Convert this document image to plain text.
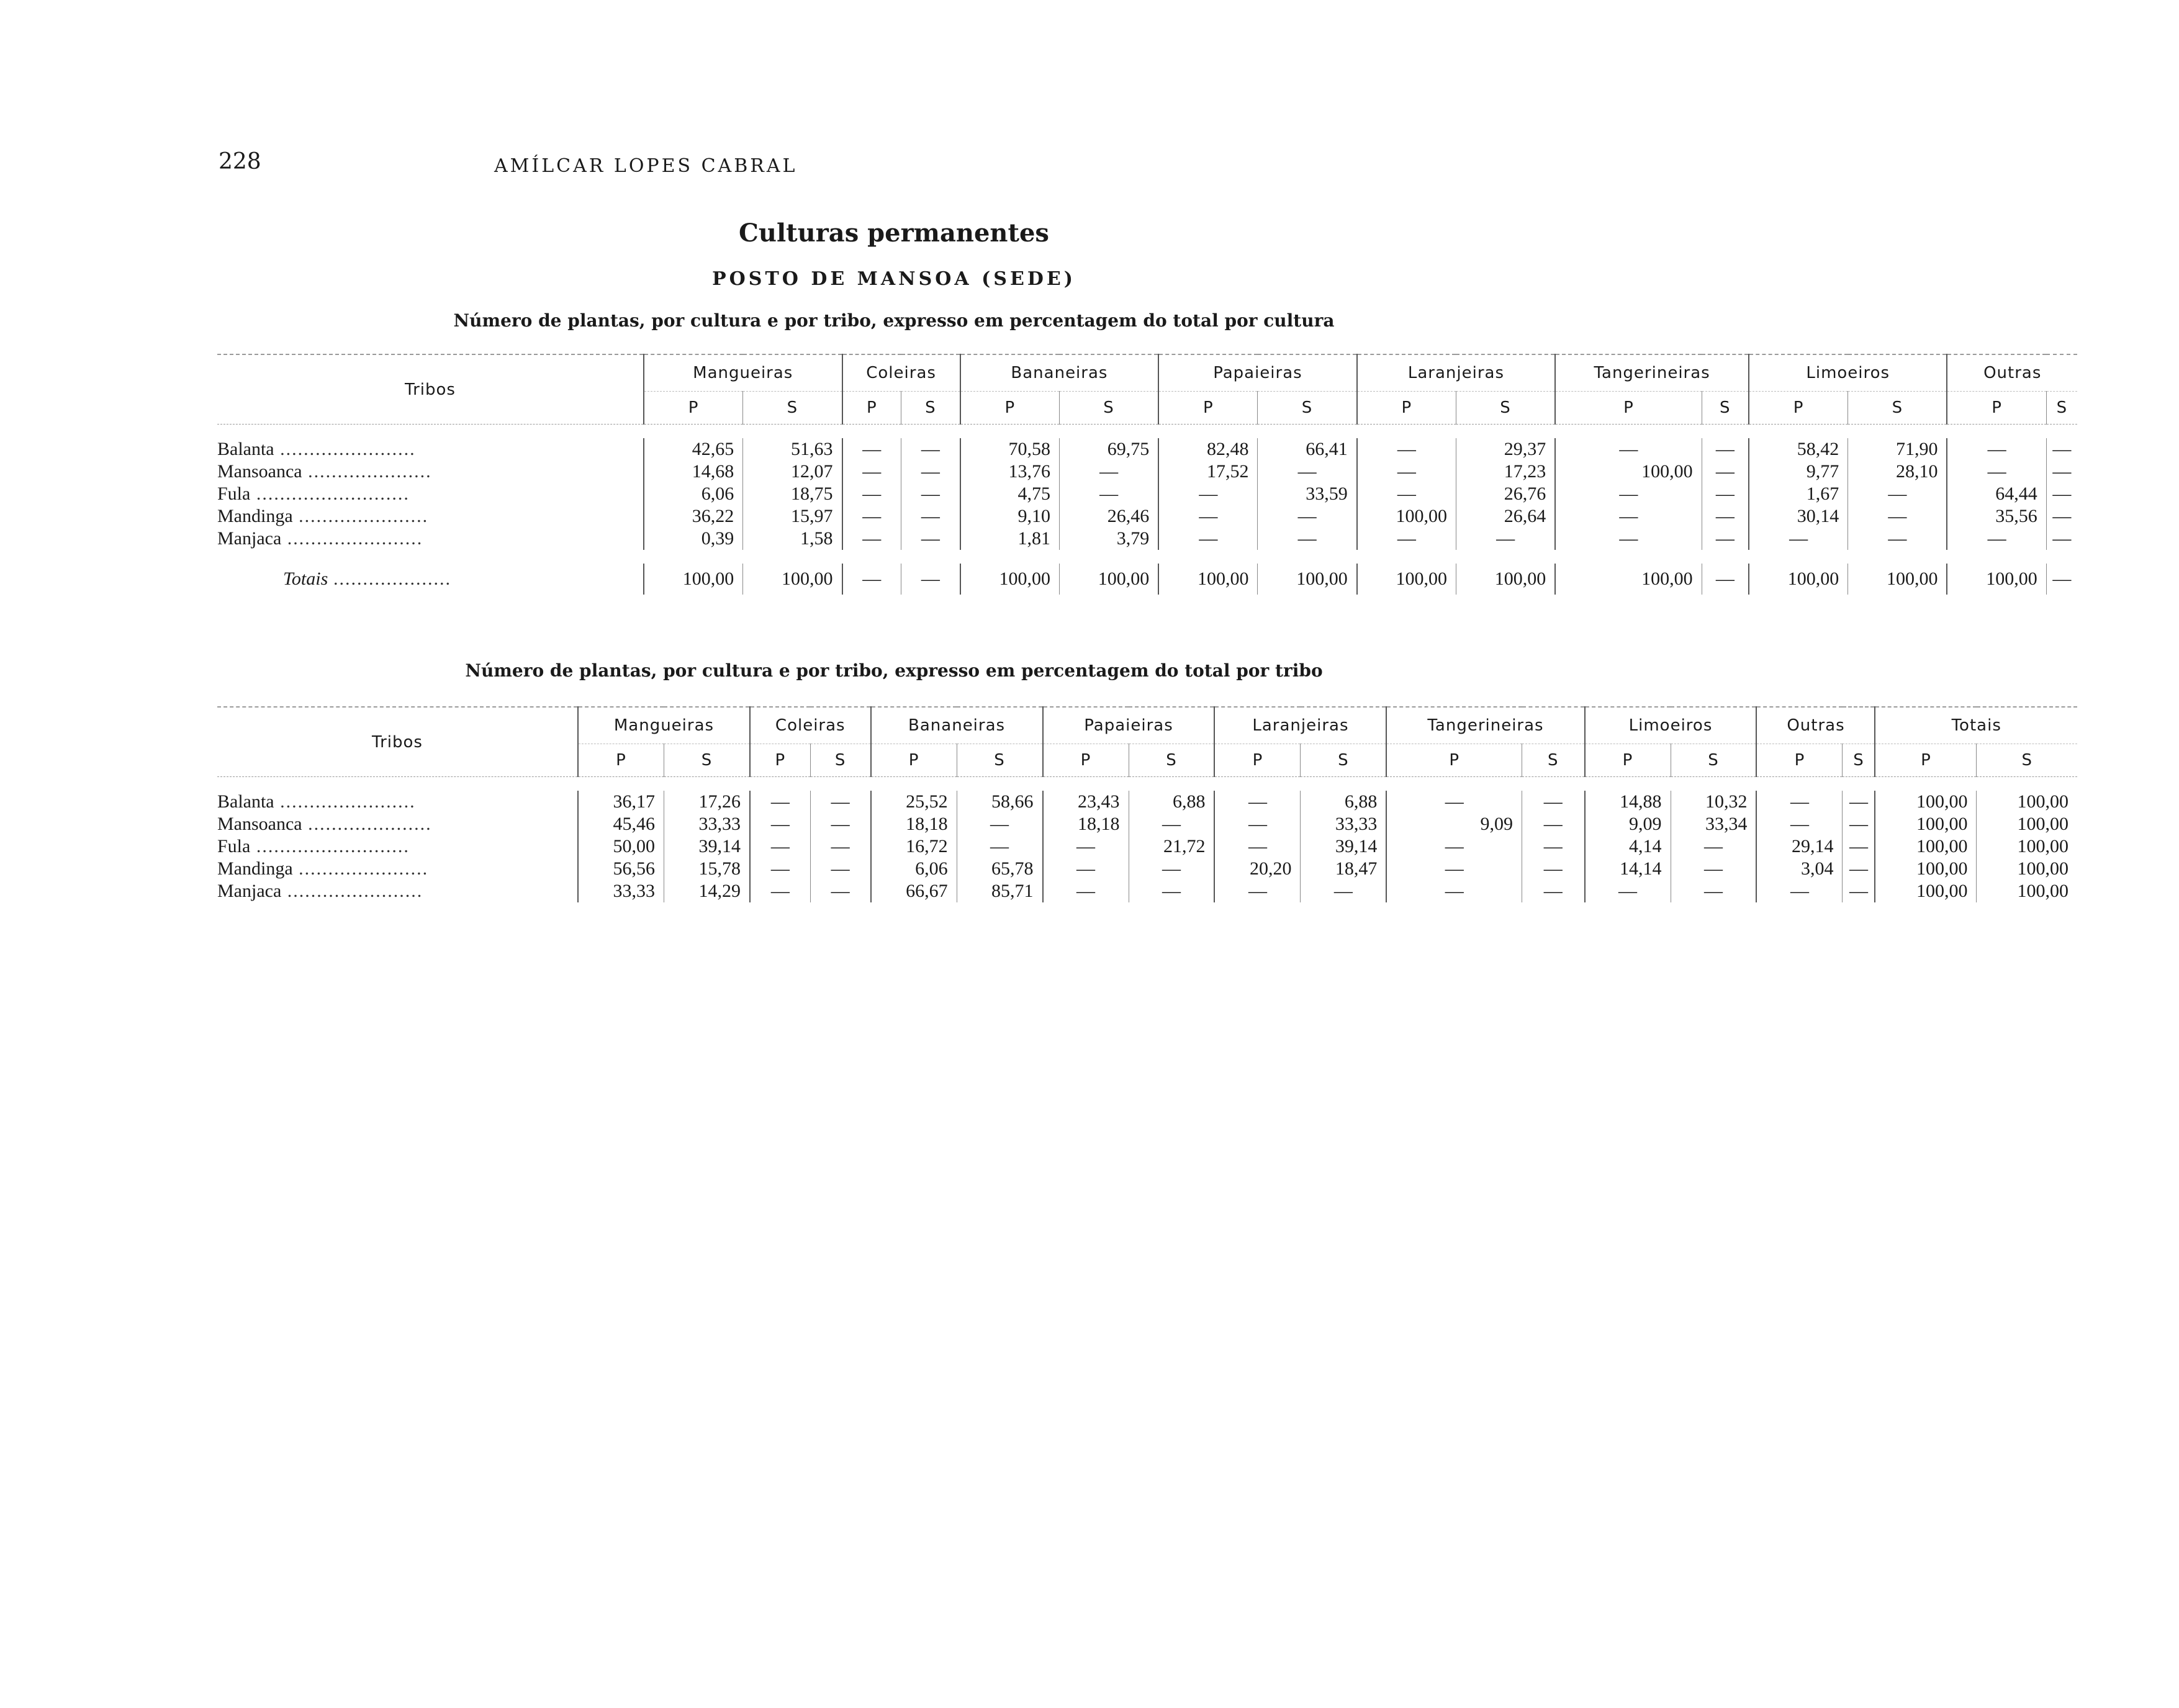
228	AMÍLCAR LOPES CABRAL
Culturas permanentes
POSTO DE MANSOA (SEDE)
Número de plantas, por cultura e por tribo, expresso em percentagem do total por cultura
Tribos	Mangueiras		Coleiras		Bananeiras		Papaieiras		Laranjeiras		Tangerineiras		Limoeiros		Outras	
	P	S	P	S	P	S	P	S	P	S	P	S	P	S	P	S

Balanta .......................	42,65	51,63	—	—	70,58	69,75	82,48	66,41	—	29,37	—	—	58,42	71,90	—	—
Mansoanca .....................	14,68	12,07	—	—	13,76	—	17,52	—	—	17,23	100,00	—	9,77	28,10	—	—
Fula ..........................	6,06	18,75	—	—	4,75	—	—	33,59	—	26,76	—	—	1,67	—	64,44	—
Mandinga ......................	36,22	15,97	—	—	9,10	26,46	—	—	100,00	26,64	—	—	30,14	—	35,56	—
Manjaca .......................	0,39	1,58	—	—	1,81	3,79	—	—	—	—	—	—	—	—	—	—

Totais ....................	100,00	100,00	—	—	100,00	100,00	100,00	100,00	100,00	100,00	100,00	—	100,00	100,00	100,00	—
Número de plantas, por cultura e por tribo, expresso em percentagem do total por tribo
Tribos	Mangueiras		Coleiras		Bananeiras		Papaieiras		Laranjeiras		Tangerineiras		Limoeiros		Outras		Totais	
	P	S	P	S	P	S	P	S	P	S	P	S	P	S	P	S	P	S

Balanta .......................	36,17	17,26	—	—	25,52	58,66	23,43	6,88	—	6,88	—	—	14,88	10,32	—	—	100,00	100,00
Mansoanca .....................	45,46	33,33	—	—	18,18	—	18,18	—	—	33,33	9,09	—	9,09	33,34	—	—	100,00	100,00
Fula ..........................	50,00	39,14	—	—	16,72	—	—	21,72	—	39,14	—	—	4,14	—	29,14	—	100,00	100,00
Mandinga ......................	56,56	15,78	—	—	6,06	65,78	—	—	20,20	18,47	—	—	14,14	—	3,04	—	100,00	100,00
Manjaca .......................	33,33	14,29	—	—	66,67	85,71	—	—	—	—	—	—	—	—	—	—	100,00	100,00
